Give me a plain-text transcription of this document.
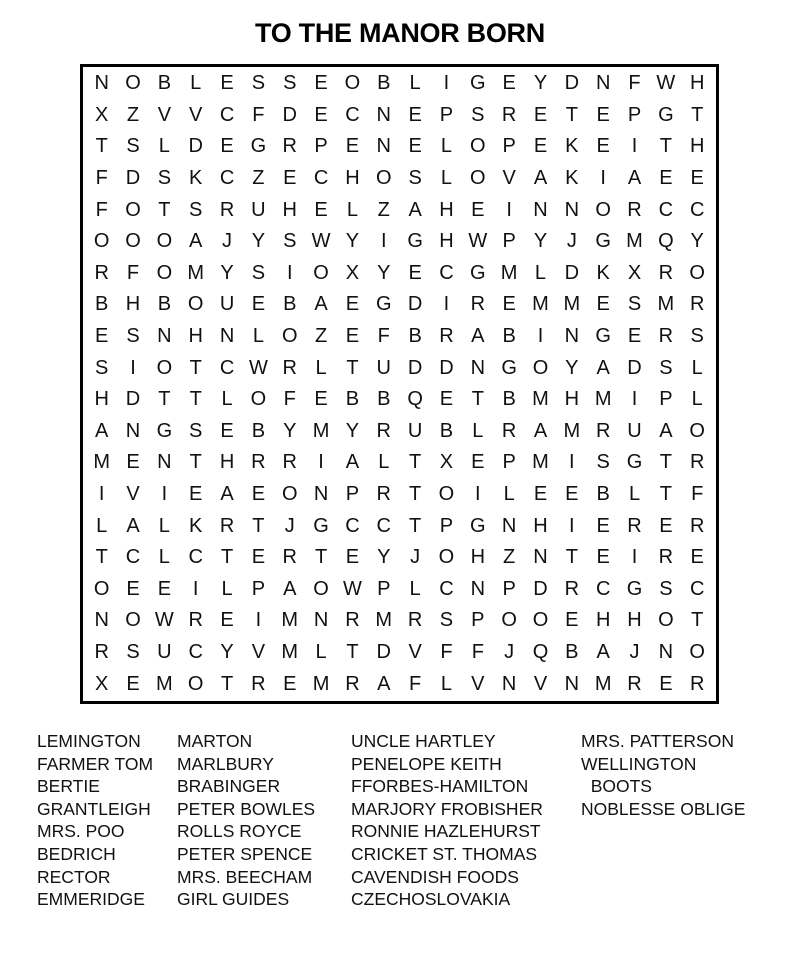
TO THE MANOR BORN
N O B L E S S E O B L	I	G E Y D N F W H
X Z V V C F D E C N E P S R E T E P G T
T S L D E G R P E N E L O P E K E	I	T H
F D S K C Z E C H O S L O V A K	I	A E E
F O T S R U H E L Z A H E	I	N N O R C C
O O O A J Y S W Y	I	G H W P Y J G M Q Y
R F O M Y S	I	O X Y E C G M L D K X R O
B H B O U E B A E G D	I	R E M M E S M R
E S N H N L O Z E F B R A B	I	N G E R S
S	I	O T C W R L T U D D N G O Y A D S L
H D T T L O F E B B Q E T B M H M	I	P L
A N G S E B Y M Y R U B L R A M R U A O
M E N T H R R	I	A L T X E P M	I	S G T R
I	V	I	E A E O N P R T O	I	L E E B L T F
L A L K R T	J G C C T P G N H	I	E R E R
T C L C T E R T E Y J O H Z N T E	I	R E
O E E	I	L P A O W P L C N P D R C G S C
N O W R E	I	M N R M R S P O O E H H O T
R S U C Y V M L T D V F F	J Q B A J N O
X E M O T R E M R A F L V N V N M R E R
LEMINGTON
FARMER TOM
BERTIE
GRANTLEIGH
MRS. POO
BEDRICH
RECTOR
EMMERIDGE
MARTON
MARLBURY
BRABINGER
PETER BOWLES
ROLLS ROYCE
PETER SPENCE
MRS. BEECHAM
GIRL GUIDES
UNCLE HARTLEY
PENELOPE KEITH
FFORBES-HAMILTON
MARJORY FROBISHER
RONNIE HAZLEHURST
CRICKET ST. THOMAS
CAVENDISH FOODS
CZECHOSLOVAKIA
MRS. PATTERSON
WELLINGTON
BOOTS
NOBLESSE OBLIGE
